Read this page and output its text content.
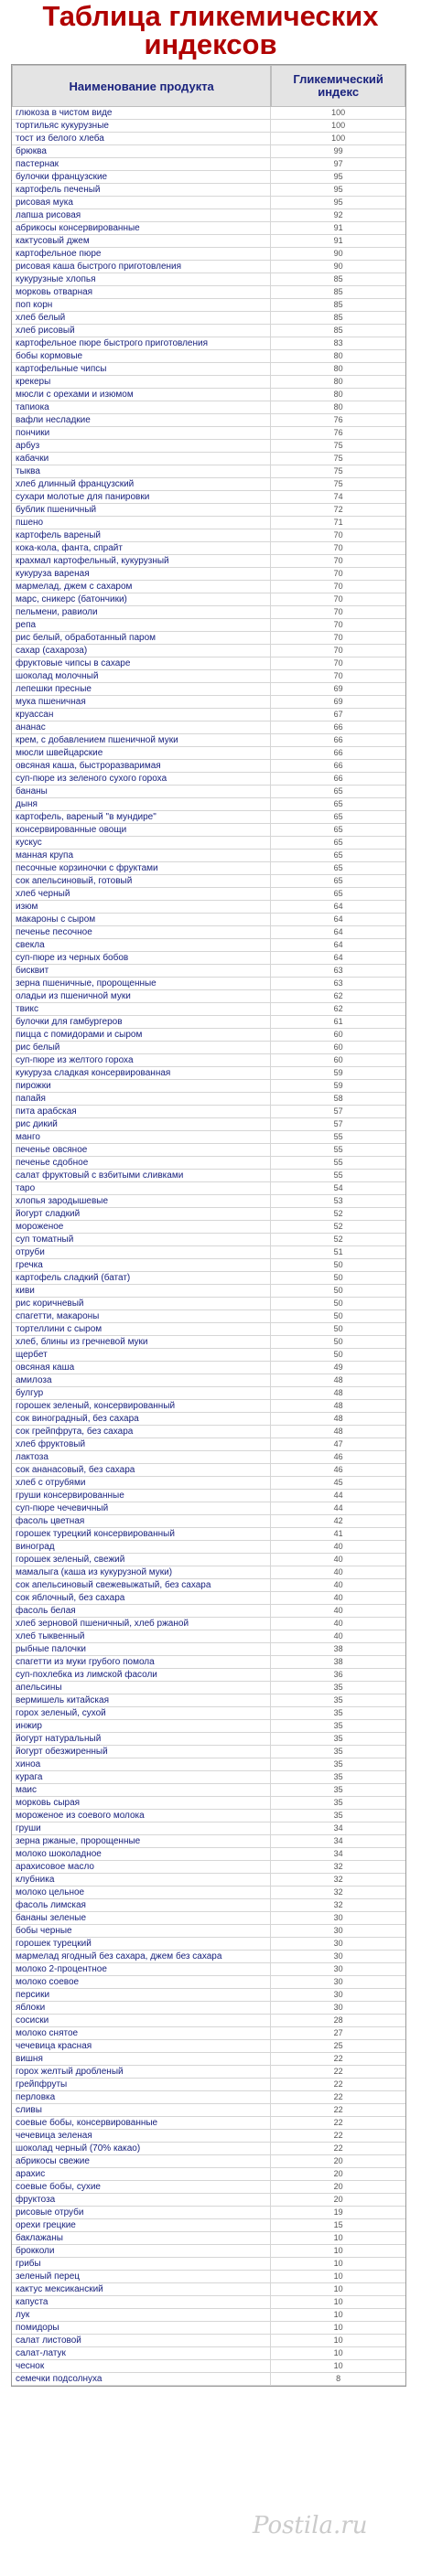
Таблица гликемических индексов
Наименование продукта	Гликемический индекс
глюкоза в чистом виде	100
тортильяс кукурузные	100
тост из белого хлеба	100
брюква	99
пастернак	97
булочки французские	95
картофель печеный	95
рисовая мука	95
лапша рисовая	92
абрикосы консервированные	91
кактусовый джем	91
картофельное пюре	90
рисовая каша быстрого приготовления	90
кукурузные хлопья	85
морковь отварная	85
поп корн	85
хлеб белый	85
хлеб рисовый	85
картофельное пюре быстрого приготовления	83
бобы кормовые	80
картофельные чипсы	80
крекеры	80
мюсли с орехами и изюмом	80
тапиока	80
вафли несладкие	76
пончики	76
арбуз	75
кабачки	75
тыква	75
хлеб длинный французский	75
сухари молотые для панировки	74
бублик пшеничный	72
пшено	71
картофель вареный	70
кока-кола, фанта, спрайт	70
крахмал картофельный, кукурузный	70
кукуруза вареная	70
мармелад, джем с сахаром	70
марс, сникерс (батончики)	70
пельмени, равиоли	70
репа	70
рис белый, обработанный паром	70
сахар (сахароза)	70
фруктовые чипсы в сахаре	70
шоколад молочный	70
лепешки пресные	69
мука пшеничная	69
круассан	67
ананас	66
крем, с добавлением пшеничной муки	66
мюсли швейцарские	66
овсяная каша, быстроразваримая	66
суп-пюре из зеленого сухого гороха	66
бананы	65
дыня	65
картофель, вареный "в мундире"	65
консервированные овощи	65
кускус	65
манная крупа	65
песочные корзиночки с фруктами	65
сок апельсиновый, готовый	65
хлеб черный	65
изюм	64
макароны с сыром	64
печенье песочное	64
свекла	64
суп-пюре из черных бобов	64
бисквит	63
зерна пшеничные, пророщенные	63
оладьи из пшеничной муки	62
твикс	62
булочки для гамбургеров	61
пицца с помидорами и сыром	60
рис белый	60
суп-пюре из желтого гороха	60
кукуруза сладкая консервированная	59
пирожки	59
папайя	58
пита арабская	57
рис дикий	57
манго	55
печенье овсяное	55
печенье сдобное	55
салат фруктовый с взбитыми сливками	55
таро	54
хлопья зародышевые	53
йогурт сладкий	52
мороженое	52
суп томатный	52
отруби	51
гречка	50
картофель сладкий (батат)	50
киви	50
рис коричневый	50
спагетти, макароны	50
тортеллини с сыром	50
хлеб, блины из гречневой муки	50
щербет	50
овсяная каша	49
амилоза	48
булгур	48
горошек зеленый, консервированный	48
сок виноградный, без сахара	48
сок грейпфрута, без сахара	48
хлеб фруктовый	47
лактоза	46
сок ананасовый, без сахара	46
хлеб с отрубями	45
груши консервированные	44
суп-пюре чечевичный	44
фасоль цветная	42
горошек турецкий консервированный	41
виноград	40
горошек зеленый, свежий	40
мамалыга (каша из кукурузной муки)	40
сок апельсиновый свежевыжатый, без сахара	40
сок яблочный, без сахара	40
фасоль белая	40
хлеб зерновой пшеничный, хлеб ржаной	40
хлеб тыквенный	40
рыбные палочки	38
спагетти из муки грубого помола	38
суп-похлебка из лимской фасоли	36
апельсины	35
вермишель китайская	35
горох зеленый, сухой	35
инжир	35
йогурт натуральный	35
йогурт обезжиренный	35
хиноа	35
курага	35
маис	35
морковь сырая	35
мороженое из соевого молока	35
груши	34
зерна ржаные, пророщенные	34
молоко шоколадное	34
арахисовое масло	32
клубника	32
молоко цельное	32
фасоль лимская	32
бананы зеленые	30
бобы черные	30
горошек турецкий	30
мармелад ягодный без сахара, джем без сахара	30
молоко 2-процентное	30
молоко соевое	30
персики	30
яблоки	30
сосиски	28
молоко снятое	27
чечевица красная	25
вишня	22
горох желтый дробленый	22
грейпфруты	22
перловка	22
сливы	22
соевые бобы, консервированные	22
чечевица зеленая	22
шоколад черный (70% какао)	22
абрикосы свежие	20
арахис	20
соевые бобы, сухие	20
фруктоза	20
рисовые отруби	19
орехи грецкие	15
баклажаны	10
брокколи	10
грибы	10
зеленый перец	10
кактус мексиканский	10
капуста	10
лук	10
помидоры	10
салат листовой	10
салат-латук	10
чеснок	10
семечки подсолнуха	8
Postila.ru
